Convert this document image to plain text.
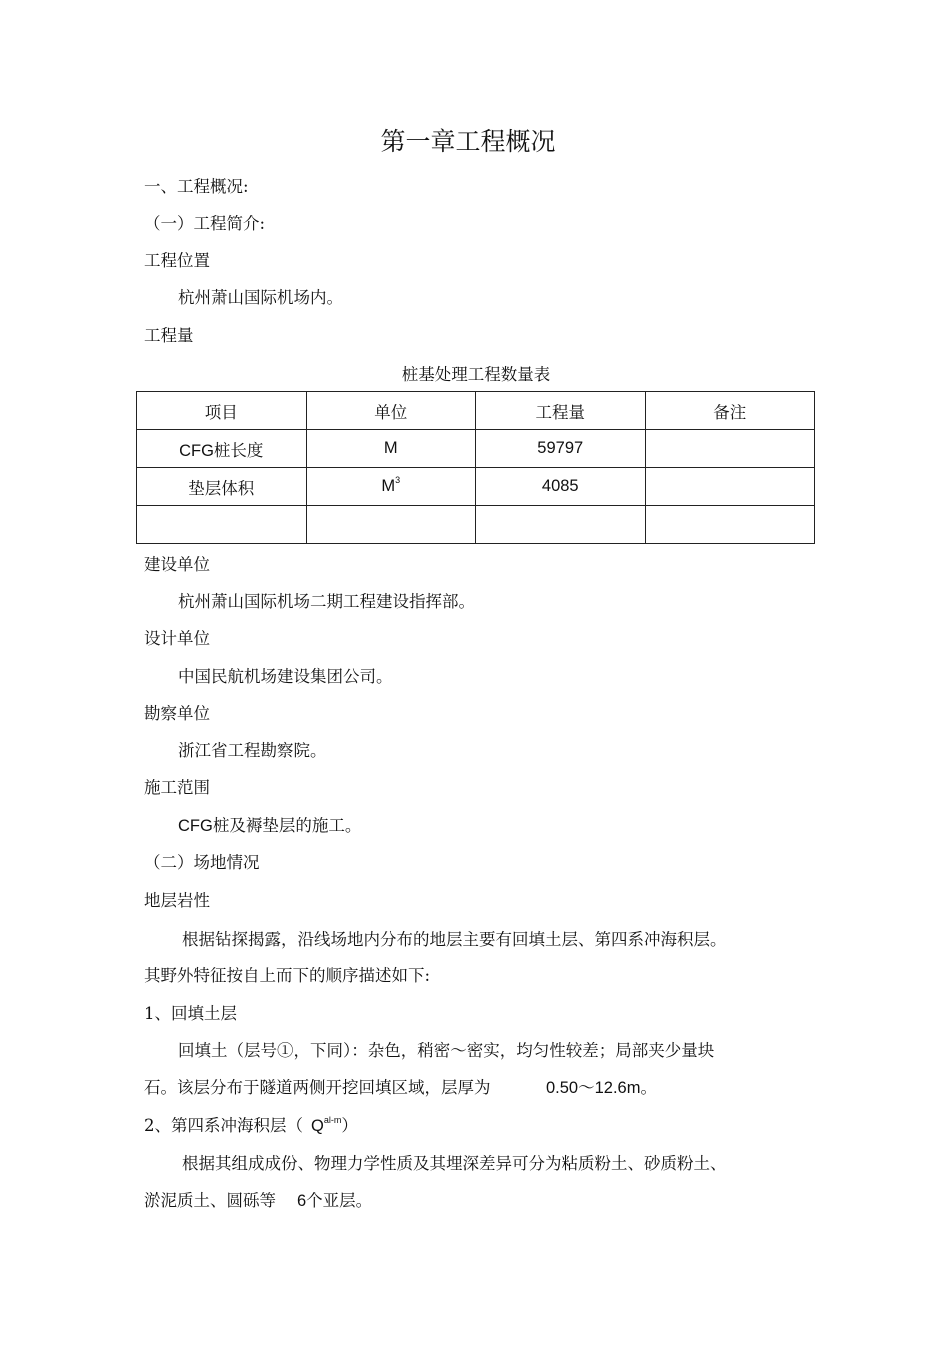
第一章工程概况
一、工程概况:
（一）工程简介:
工程位置
杭州萧山国际机场内。
工程量
桩基处理工程数量表
项目	单位	工程量	备注
CFG桩长度	M	59797	
垫层体积	$M^3$	4085	

建设单位
杭州萧山国际机场二期工程建设指挥部。
设计单位
中国民航机场建设集团公司。
勘察单位
浙江省工程勘察院。
施工范围
CFG桩及褥垫层的施工。
（二）场地情况
地层岩性
根据钻探揭露，沿线场地内分布的地层主要有回填土层、第四系冲海积层。
其野外特征按自上而下的顺序描述如下:
1、回填土层
回填土（层号①，下同）：杂色，稍密～密实，均匀性较差；局部夹少量块
石。该层分布于隧道两侧开挖回填区域，层厚为	0.50～12.6m。
2、第四系冲海积层（ $Q^{al-m}$）
根据其组成成份、物理力学性质及其埋深差异可分为粘质粉土、砂质粉土、
淤泥质土、圆砾等 6个亚层。
